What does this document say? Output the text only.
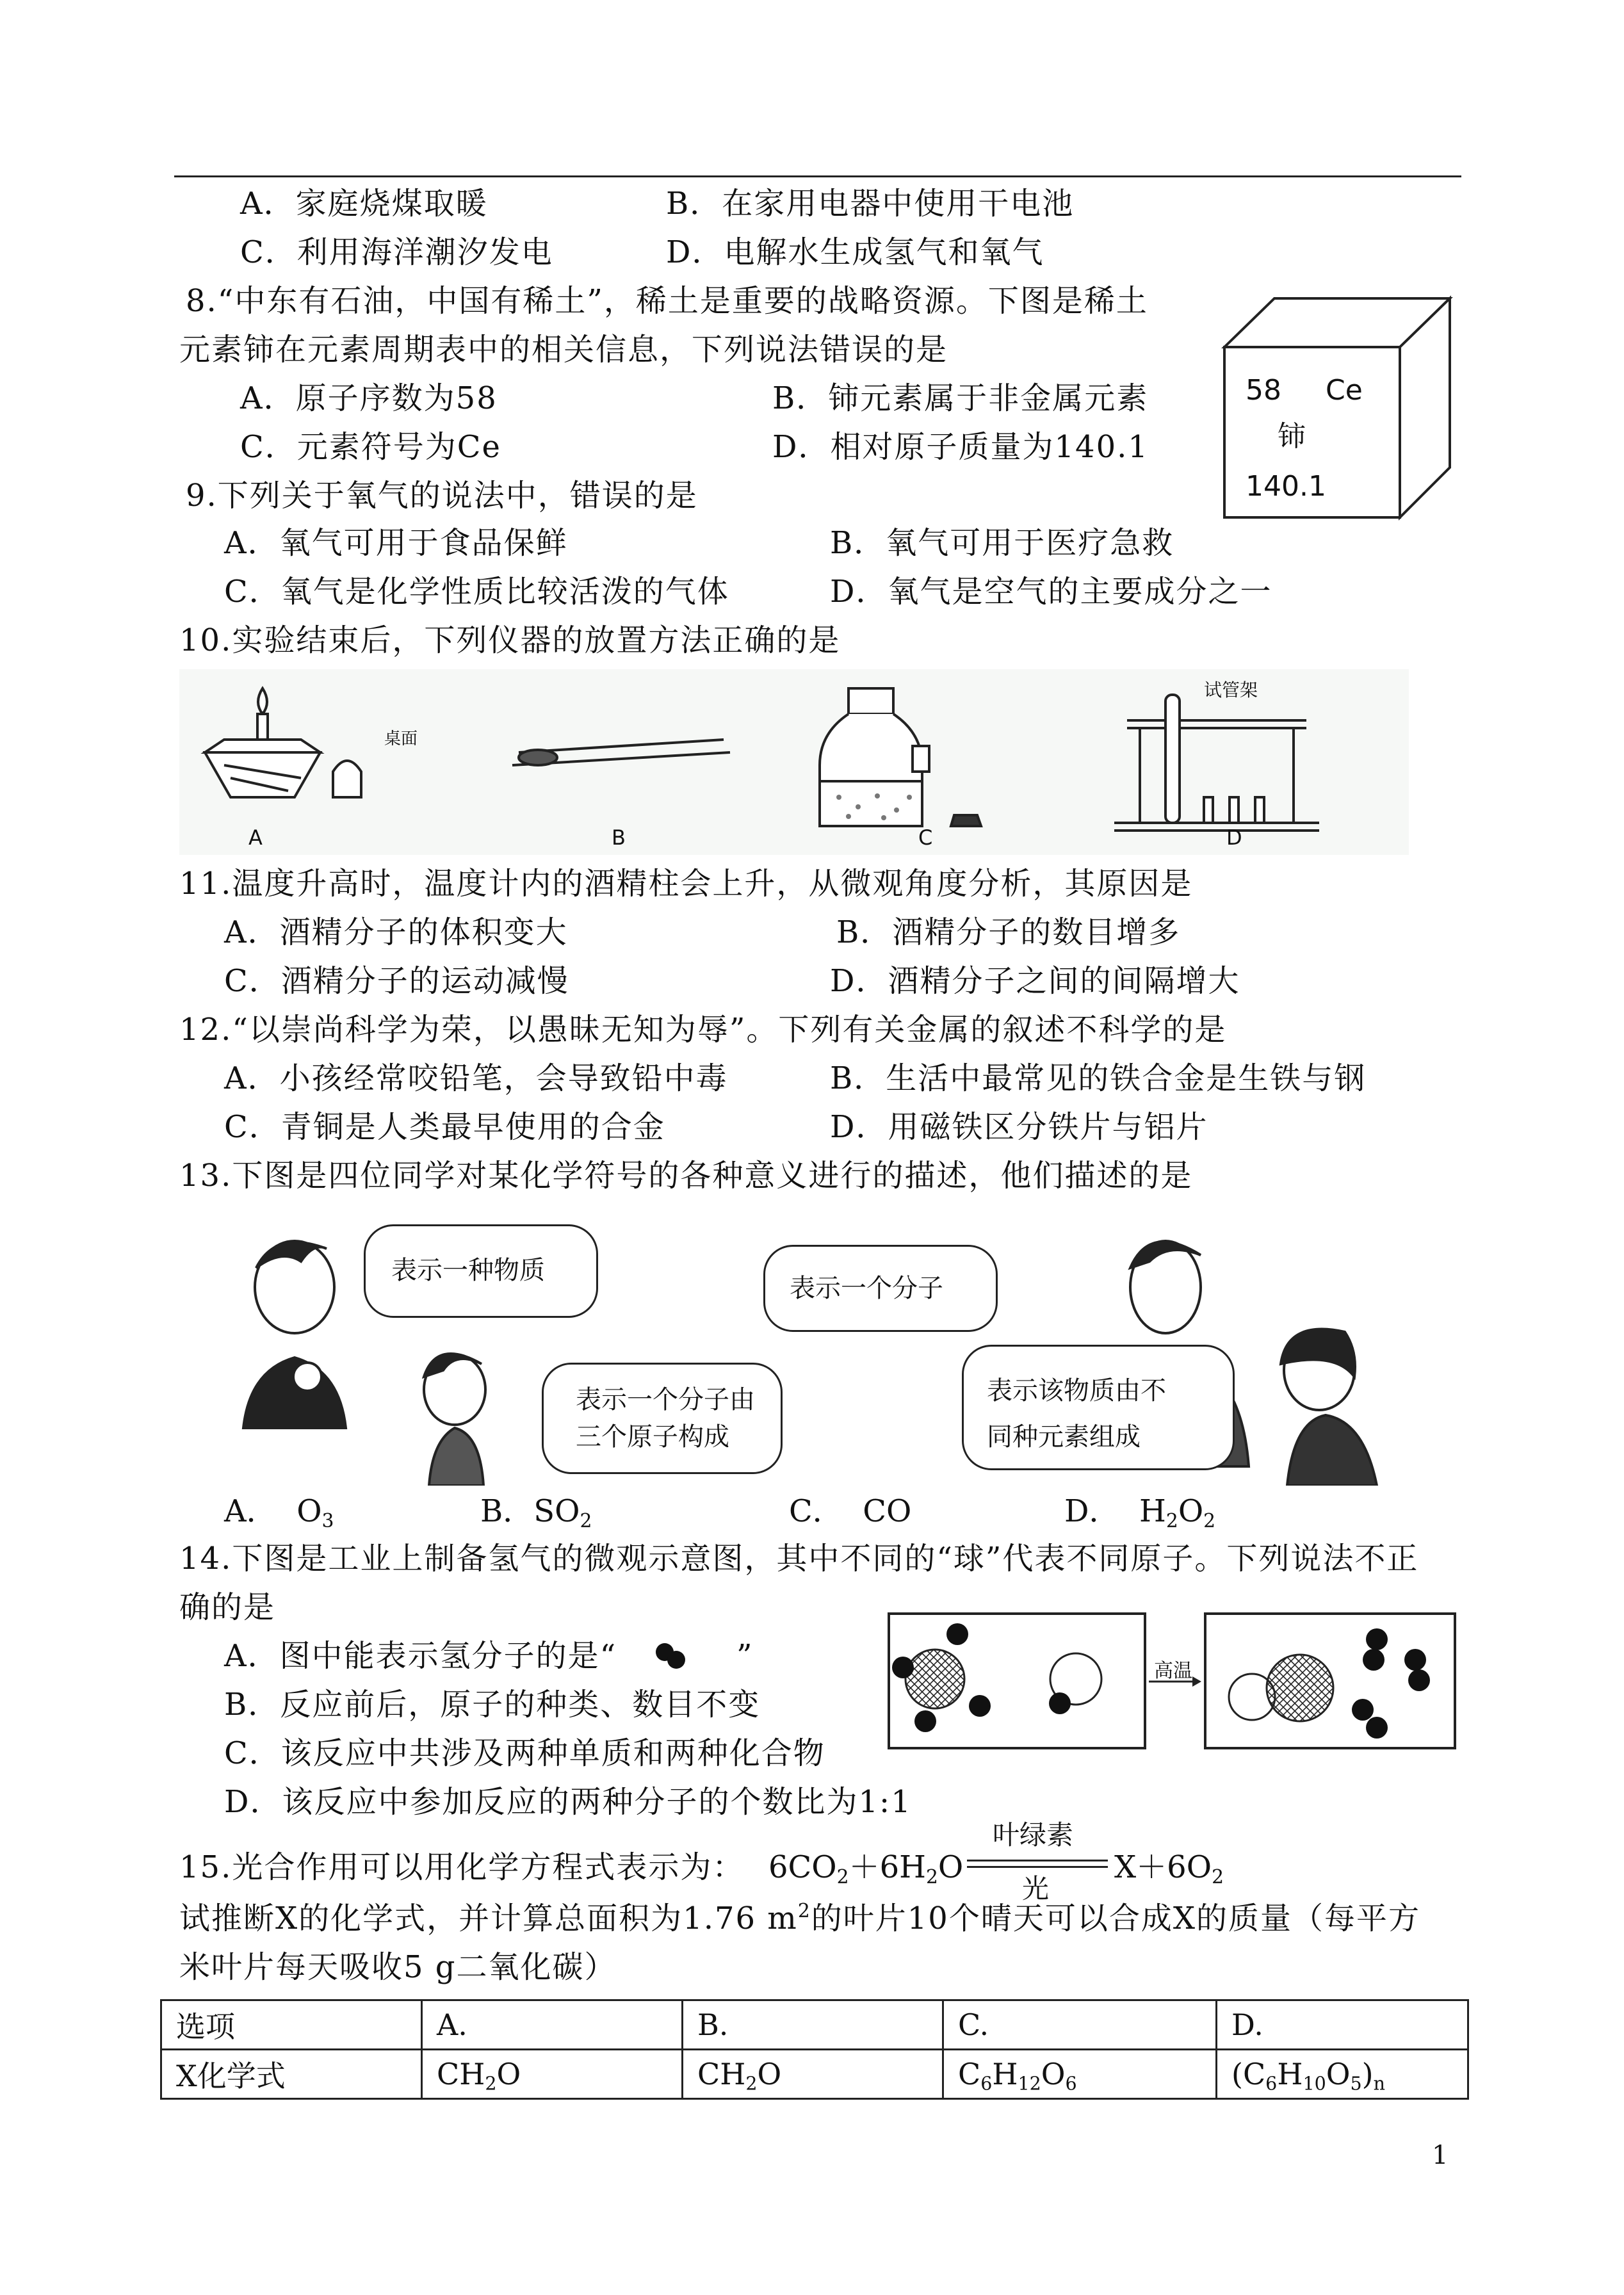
A．家庭烧煤取暖	B．在家用电器中使用干电池
C．利用海洋潮汐发电	D．电解水生成氢气和氧气
8.“中东有石油，中国有稀土”，稀土是重要的战略资源。下图是稀土
元素铈在元素周期表中的相关信息，下列说法错误的是
A．原子序数为58	B．铈元素属于非金属元素
C．元素符号为Ce	D．相对原子质量为140.1
58 Ce
铈
140.1
9.下列关于氧气的说法中，错误的是
A．氧气可用于食品保鲜	B．氧气可用于医疗急救
C．氧气是化学性质比较活泼的气体	D．氧气是空气的主要成分之一
10.实验结束后，下列仪器的放置方法正确的是
桌面
试管架
A	B	C	D
11.温度升高时，温度计内的酒精柱会上升，从微观角度分析，其原因是
A．酒精分子的体积变大	B．酒精分子的数目增多
C．酒精分子的运动减慢	D．酒精分子之间的间隔增大
12.“以崇尚科学为荣，以愚昧无知为辱”。下列有关金属的叙述不科学的是
A．小孩经常咬铅笔，会导致铅中毒	B．生活中最常见的铁合金是生铁与钢
C．青铜是人类最早使用的合金	D．用磁铁区分铁片与铝片
13.下图是四位同学对某化学符号的各种意义进行的描述，他们描述的是
表示一种物质
表示一个分子
表示一个分子由
三个原子构成
表示该物质由不
同种元素组成
A． $O_3$	B．$SO_2$	C． CO	D． $H_2O_2$
14.下图是工业上制备氢气的微观示意图，其中不同的“球”代表不同原子。下列说法不正
确的是
A．图中能表示氢分子的是“	”
B．反应前后，原子的种类、数目不变
C．该反应中共涉及两种单质和两种化合物
D．该反应中参加反应的两种分子的个数比为1:1
高温
15.光合作用可以用化学方程式表示为： $6CO_2+6H_2O$
叶绿素
光
$X+6O_2$
试推断X的化学式，并计算总面积为1.76 $m^2$的叶片10个晴天可以合成X的质量（每平方
米叶片每天吸收5 g二氧化碳）
选项	A.	B.	C.	D.
X化学式	$CH_2O$	$CH_2O$	$C_6H_{12}O_6$	$(C_6H_{10}O_5)_n$
1
